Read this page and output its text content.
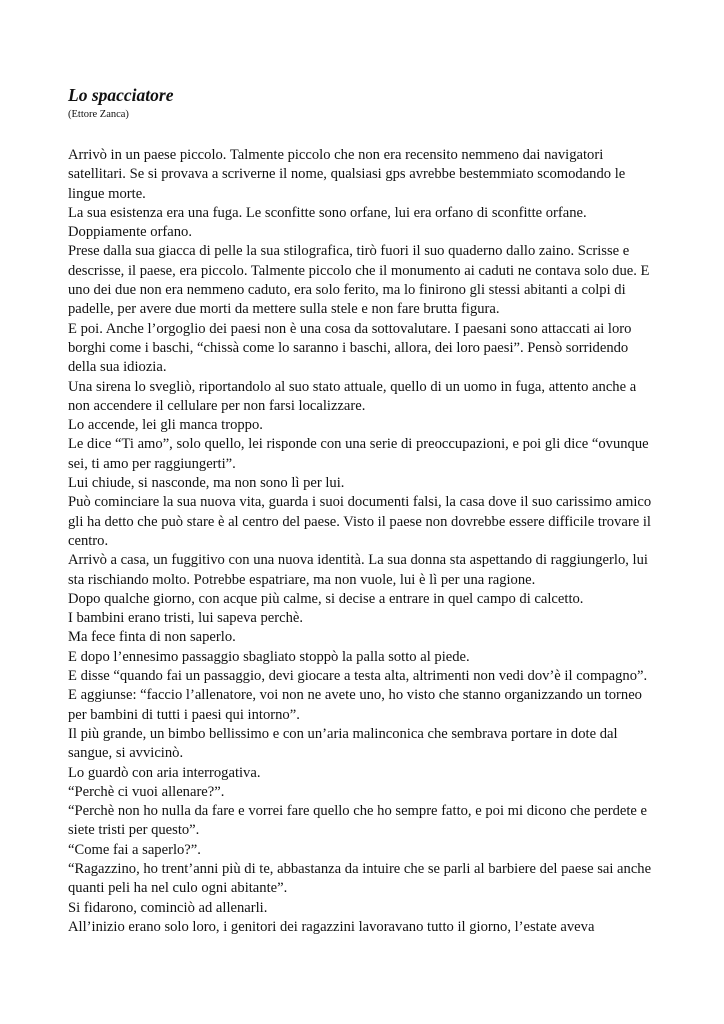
Lo spacciatore
(Ettore Zanca)

Arrivò in un paese piccolo. Talmente piccolo che non era recensito nemmeno dai navigatori

satellitari. Se si provava a scriverne il nome, qualsiasi gps avrebbe bestemmiato scomodando le

lingue morte.

La sua esistenza era una fuga. Le sconfitte sono orfane, lui era orfano di sconfitte orfane.

Doppiamente orfano.

Prese dalla sua giacca di pelle la sua stilografica, tirò fuori il suo quaderno dallo zaino. Scrisse e

descrisse, il paese, era piccolo. Talmente piccolo che il monumento ai caduti ne contava solo due. E

uno dei due non era nemmeno caduto, era solo ferito, ma lo finirono gli stessi abitanti a colpi di

padelle, per avere due morti da mettere sulla stele e non fare brutta figura.

E poi. Anche l’orgoglio dei paesi non è una cosa da sottovalutare. I paesani sono attaccati ai loro

borghi come i baschi, “chissà come lo saranno i baschi, allora, dei loro paesi”. Pensò sorridendo

della sua idiozia.

Una sirena lo svegliò, riportandolo al suo stato attuale, quello di un uomo in fuga, attento anche a

non accendere il cellulare per non farsi localizzare.

Lo accende, lei gli manca troppo.

Le dice “Ti amo”, solo quello, lei risponde con una serie di preoccupazioni, e poi gli dice “ovunque

sei, ti amo per raggiungerti”.

Lui chiude, si nasconde, ma non sono lì per lui.

Può cominciare la sua nuova vita, guarda i suoi documenti falsi, la casa dove il suo carissimo amico

gli ha detto che può stare è al centro del paese. Visto il paese non dovrebbe essere difficile trovare il

centro.

Arrivò a casa, un fuggitivo con una nuova identità. La sua donna sta aspettando di raggiungerlo, lui

sta rischiando molto. Potrebbe espatriare, ma non vuole, lui è lì per una ragione.

Dopo qualche giorno, con acque più calme, si decise a entrare in quel campo di calcetto.

I bambini erano tristi, lui sapeva perchè.

Ma fece finta di non saperlo.

E dopo l’ennesimo passaggio sbagliato stoppò la palla sotto al piede.

E disse “quando fai un passaggio, devi giocare a testa alta, altrimenti non vedi dov’è il compagno”.

E aggiunse: “faccio l’allenatore, voi non ne avete uno, ho visto che stanno organizzando un torneo

per bambini di tutti i paesi qui intorno”.

Il più grande, un bimbo bellissimo e con un’aria malinconica che sembrava portare in dote dal

sangue, si avvicinò.

Lo guardò con aria interrogativa.

“Perchè ci vuoi allenare?”.

“Perchè non ho nulla da fare e vorrei fare quello che ho sempre fatto, e poi mi dicono che perdete e

siete tristi per questo”.

“Come fai a saperlo?”.

“Ragazzino, ho trent’anni più di te, abbastanza da intuire che se parli al barbiere del paese sai anche

quanti peli ha nel culo ogni abitante”.

Si fidarono, cominciò ad allenarli.

All’inizio erano solo loro, i genitori dei ragazzini lavoravano tutto il giorno, l’estate aveva
